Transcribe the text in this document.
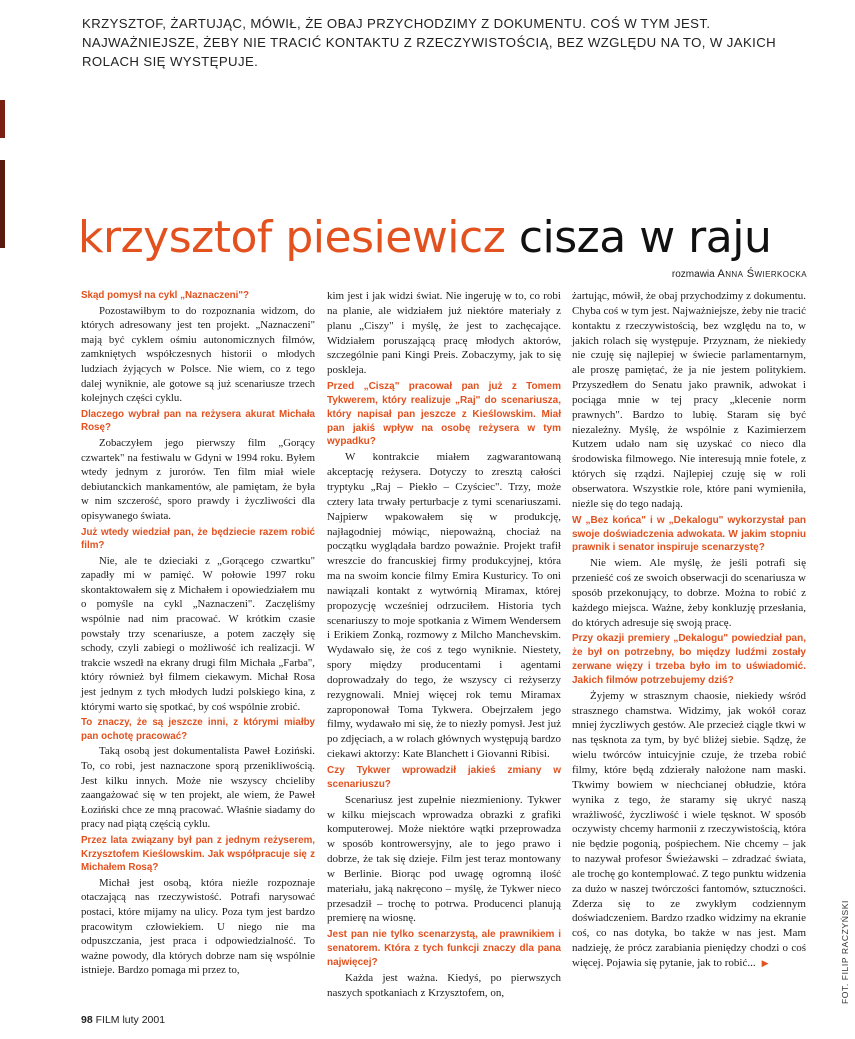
KRZYSZTOF, ŻARTUJĄC, MÓWIŁ, ŻE OBAJ PRZYCHODZIMY Z DOKUMENTU. COŚ W TYM JEST. NAJWAŻNIEJSZE, ŻEBY NIE TRACIĆ KONTAKTU Z RZECZYWISTOŚCIĄ, BEZ WZGLĘDU NA TO, W JAKICH ROLACH SIĘ WYSTĘPUJE.
krzysztof piesiewicz cisza w raju
rozmawia Anna Świerkocka

Skąd pomysł na cykl „Naznaczeni"?

Pozostawiłbym to do rozpoznania widzom, do których adresowany jest ten projekt. „Naznaczeni" mają być cyklem ośmiu autonomicznych filmów, zamkniętych współczesnych historii o młodych ludziach żyjących w Polsce. Nie wiem, co z tego dalej wyniknie, ale gotowe są już scenariusze trzech kolejnych części cyklu.

Dlaczego wybrał pan na reżysera akurat Michała Rosę?

Zobaczyłem jego pierwszy film „Gorący czwartek" na festiwalu w Gdyni w 1994 roku. Byłem wtedy jednym z jurorów. Ten film miał wiele debiutanckich mankamentów, ale pamiętam, że była w nim szczerość, sporo prawdy i życzliwości dla opisywanego świata.

Już wtedy wiedział pan, że będziecie razem robić film?

Nie, ale te dzieciaki z „Gorącego czwartku" zapadły mi w pamięć. W połowie 1997 roku skontaktowałem się z Michałem i opowiedziałem mu o pomyśle na cykl „Naznaczeni". Zaczęliśmy wspólnie nad nim pracować. W krótkim czasie powstały trzy scenariusze, a potem zaczęły się schody, czyli zabiegi o możliwość ich realizacji. W trakcie wszedł na ekrany drugi film Michała „Farba", który również był filmem ciekawym. Michał Rosa jest jednym z tych młodych ludzi polskiego kina, z którymi warto się spotkać, by coś wspólnie zrobić.

To znaczy, że są jeszcze inni, z którymi miałby pan ochotę pracować?

Taką osobą jest dokumentalista Paweł Łoziński. To, co robi, jest naznaczone sporą przenikliwością. Jest kilku innych. Może nie wszyscy chcieliby zaangażować się w ten projekt, ale wiem, że Paweł Łoziński chce ze mną pracować. Właśnie siadamy do pracy nad piątą częścią cyklu.

Przez lata związany był pan z jednym reżyserem, Krzysztofem Kieślowskim. Jak współpracuje się z Michałem Rosą?

Michał jest osobą, która nieźle rozpoznaje otaczającą nas rzeczywistość. Potrafi narysować postaci, które mijamy na ulicy. Poza tym jest bardzo pracowitym człowiekiem. U niego nie ma odpuszczania, jest praca i odpowiedzialność. To ważne powody, dla których dobrze nam się wspólnie istnieje. Bardzo pomaga mi przez to,

kim jest i jak widzi świat. Nie ingeruję w to, co robi na planie, ale widziałem już niektóre materiały z planu „Ciszy" i myślę, że jest to zachęcające. Widziałem poruszającą pracę młodych aktorów, szczególnie pani Kingi Preis. Zobaczymy, jak to się poskleja.

Przed „Ciszą" pracował pan już z Tomem Tykwerem, który realizuje „Raj" do scenariusza, który napisał pan jeszcze z Kieślowskim. Miał pan jakiś wpływ na osobę reżysera w tym wypadku?

W kontrakcie miałem zagwarantowaną akceptację reżysera. Dotyczy to zresztą całości tryptyku „Raj – Piekło – Czyściec". Trzy, może cztery lata trwały perturbacje z tymi scenariuszami. Najpierw wpakowałem się w produkcję, najłagodniej mówiąc, niepoważną, chociaż na początku wyglądała bardzo poważnie. Projekt trafił wreszcie do francuskiej firmy produkcyjnej, która ma na swoim koncie filmy Emira Kusturicy. To oni nawiązali kontakt z wytwórnią Miramax, której propozycję wcześniej odrzuciłem. Historia tych scenariuszy to moje spotkania z Wimem Wendersem i Erikiem Zonką, rozmowy z Milcho Manchevskim. Wydawało się, że coś z tego wyniknie. Niestety, spory między producentami i agentami doprowadzały do tego, że wszyscy ci reżyserzy rezygnowali. Mniej więcej rok temu Miramax zaproponował Toma Tykwera. Obejrzałem jego filmy, wydawało mi się, że to niezły pomysł. Jest już po zdjęciach, a w rolach głównych występują bardzo ciekawi aktorzy: Kate Blanchett i Giovanni Ribisi.

Czy Tykwer wprowadził jakieś zmiany w scenariuszu?

Scenariusz jest zupełnie niezmieniony. Tykwer w kilku miejscach wprowadza obrazki z grafiki komputerowej. Może niektóre wątki przeprowadza w sposób kontrowersyjny, ale to jego prawo i dobrze, że tak się dzieje. Film jest teraz montowany w Berlinie. Biorąc pod uwagę ogromną ilość materiału, jaką nakręcono – myślę, że Tykwer nieco przesadził – trochę to potrwa. Producenci planują premierę na wiosnę.

Jest pan nie tylko scenarzystą, ale prawnikiem i senatorem. Która z tych funkcji znaczy dla pana najwięcej?

Każda jest ważna. Kiedyś, po pierwszych naszych spotkaniach z Krzysztofem, on,

żartując, mówił, że obaj przychodzimy z dokumentu. Chyba coś w tym jest. Najważniejsze, żeby nie tracić kontaktu z rzeczywistością, bez względu na to, w jakich rolach się występuje. Przyznam, że niekiedy nie czuję się najlepiej w świecie parlamentarnym, ale proszę pamiętać, że ja nie jestem politykiem. Przyszedłem do Senatu jako prawnik, adwokat i pociąga mnie w tej pracy „klecenie norm prawnych". Bardzo to lubię. Staram się być niezależny. Myślę, że wspólnie z Kazimierzem Kutzem udało nam się uzyskać co nieco dla środowiska filmowego. Nie interesują mnie fotele, z których się rządzi. Najlepiej czuję się w roli obserwatora. Wszystkie role, które pani wymieniła, nieźle się do tego nadają.

W „Bez końca" i w „Dekalogu" wykorzystał pan swoje doświadczenia adwokata. W jakim stopniu prawnik i senator inspiruje scenarzystę?

Nie wiem. Ale myślę, że jeśli potrafi się przenieść coś ze swoich obserwacji do scenariusza w sposób przekonujący, to dobrze. Można to robić z każdego miejsca. Ważne, żeby konkluzję przesłania, do których adresuje się swoją pracę.

Przy okazji premiery „Dekalogu" powiedział pan, że był on potrzebny, bo między ludźmi zostały zerwane więzy i trzeba było im to uświadomić. Jakich filmów potrzebujemy dziś?

Żyjemy w strasznym chaosie, niekiedy wśród strasznego chamstwa. Widzimy, jak wokół coraz mniej życzliwych gestów. Ale przecież ciągle tkwi w nas tęsknota za tym, by być bliżej siebie. Sądzę, że wielu twórców intuicyjnie czuje, że trzeba robić filmy, które będą zdzierały nałożone nam maski. Tkwimy bowiem w niechcianej obłudzie, która wynika z tego, że staramy się ukryć naszą wrażliwość, życzliwość i wiele tęsknot. W sposób oczywisty chcemy harmonii z rzeczywistością, która nie będzie pogonią, pośpiechem. Nie chcemy – jak to nazywał profesor Świeżawski – zdradzać świata, ale trochę go kontemplować. Z tego punktu widzenia za dużo w naszej twórczości fantomów, sztuczności. Zderza się to ze zwykłym codziennym doświadczeniem. Bardzo rzadko widzimy na ekranie coś, co nas dotyka, bo także w nas jest. Mam nadzieję, że prócz zarabiania pieniędzy chodzi o coś więcej. Pojawia się pytanie, jak to robić... ▶

98 FILM luty 2001
FOT. FILIP RACZYŃSKI
